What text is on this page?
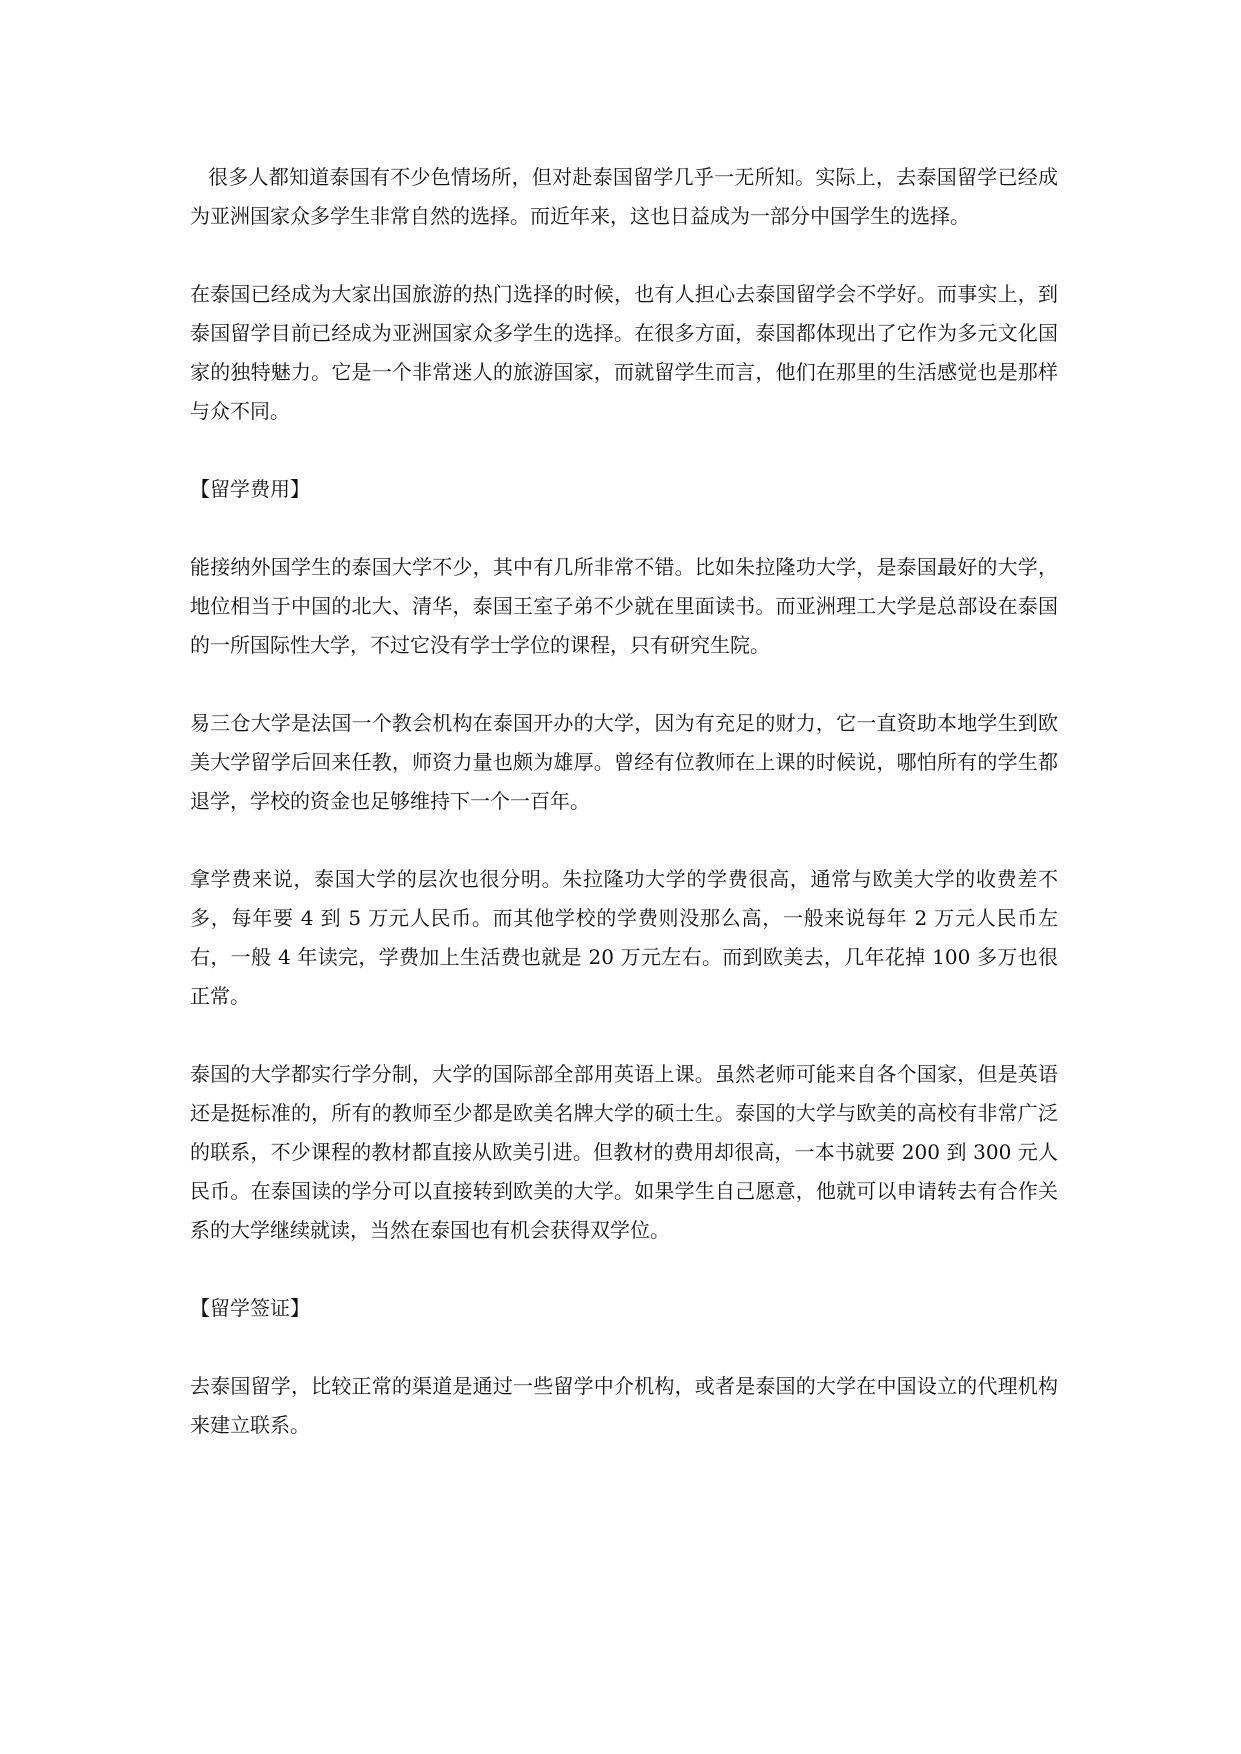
很多人都知道泰国有不少色情场所，但对赴泰国留学几乎一无所知。实际上，去泰国留学已经成为亚洲国家众多学生非常自然的选择。而近年来，这也日益成为一部分中国学生的选择。

在泰国已经成为大家出国旅游的热门选择的时候，也有人担心去泰国留学会不学好。而事实上，到泰国留学目前已经成为亚洲国家众多学生的选择。在很多方面，泰国都体现出了它作为多元文化国家的独特魅力。它是一个非常迷人的旅游国家，而就留学生而言，他们在那里的生活感觉也是那样与众不同。

【留学费用】

能接纳外国学生的泰国大学不少，其中有几所非常不错。比如朱拉隆功大学，是泰国最好的大学，地位相当于中国的北大、清华，泰国王室子弟不少就在里面读书。而亚洲理工大学是总部设在泰国的一所国际性大学，不过它没有学士学位的课程，只有研究生院。

易三仓大学是法国一个教会机构在泰国开办的大学，因为有充足的财力，它一直资助本地学生到欧美大学留学后回来任教，师资力量也颇为雄厚。曾经有位教师在上课的时候说，哪怕所有的学生都退学，学校的资金也足够维持下一个一百年。

拿学费来说，泰国大学的层次也很分明。朱拉隆功大学的学费很高，通常与欧美大学的收费差不多，每年要 4 到 5 万元人民币。而其他学校的学费则没那么高，一般来说每年 2 万元人民币左右，一般 4 年读完，学费加上生活费也就是 20 万元左右。而到欧美去，几年花掉 100 多万也很正常。

泰国的大学都实行学分制，大学的国际部全部用英语上课。虽然老师可能来自各个国家，但是英语还是挺标准的，所有的教师至少都是欧美名牌大学的硕士生。泰国的大学与欧美的高校有非常广泛的联系，不少课程的教材都直接从欧美引进。但教材的费用却很高，一本书就要 200 到 300 元人民币。在泰国读的学分可以直接转到欧美的大学。如果学生自己愿意，他就可以申请转去有合作关系的大学继续就读，当然在泰国也有机会获得双学位。

【留学签证】

去泰国留学，比较正常的渠道是通过一些留学中介机构，或者是泰国的大学在中国设立的代理机构来建立联系。
